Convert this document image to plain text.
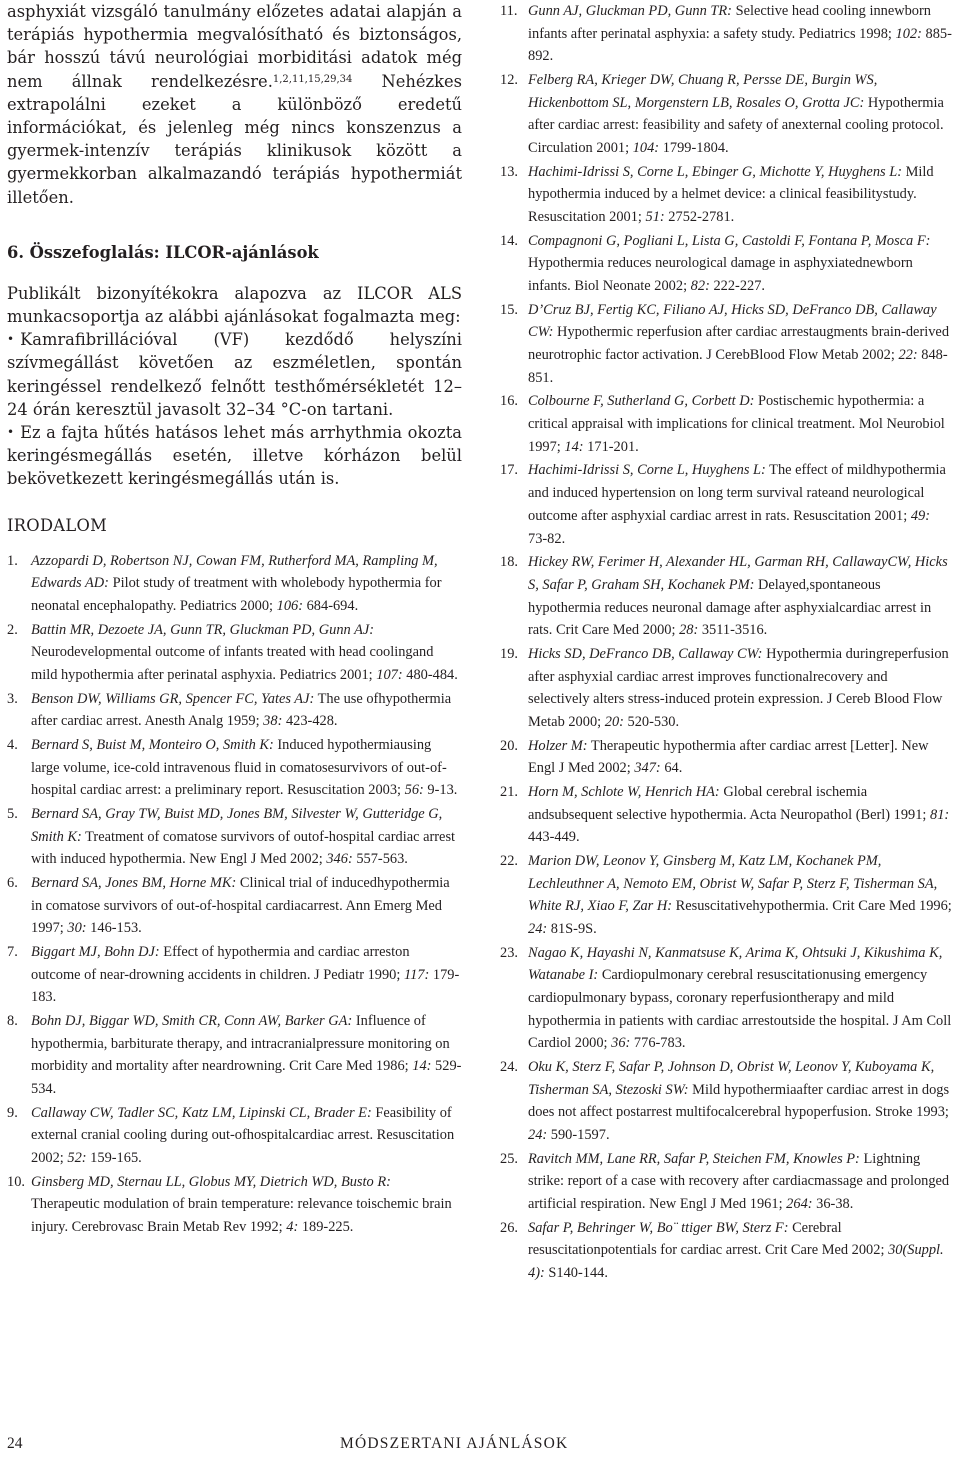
asphyxiát vizsgáló tanulmány előzetes adatai alapján a terápiás hypothermia megvalósítható és biztonságos, bár hosszú távú neurológiai morbiditási adatok még nem állnak rendelkezésre.$^{1,2,11,15,29,34}$ Nehézkes extrapolálni ezeket a különböző eredetű információkat, és jelenleg még nincs konszenzus a gyermek-intenzív terápiás klinikusok között a gyermekkorban alkalmazandó terápiás hypothermiát illetően.

6. Összefoglalás: ILCOR-ajánlások

Publikált bizonyítékokra alapozva az ILCOR ALS munkacsoportja az alábbi ajánlásokat fogalmazta meg:

• Kamrafibrillációval (VF) kezdődő helyszíni szívmegállást követően az eszméletlen, spontán keringéssel rendelkező felnőtt testhőmérsékletét 12–24 órán keresztül javasolt 32–34 °C-on tartani.

• Ez a fajta hűtés hatásos lehet más arrhythmia okozta keringésmegállás esetén, illetve kórházon belül bekövetkezett keringésmegállás után is.

IRODALOM
1. Azzopardi D, Robertson NJ, Cowan FM, Rutherford MA, Rampling M, Edwards AD: Pilot study of treatment with wholebody hypothermia for neonatal encephalopathy. Pediatrics 2000; 106: 684-694.
2. Battin MR, Dezoete JA, Gunn TR, Gluckman PD, Gunn AJ: Neurodevelopmental outcome of infants treated with head coolingand mild hypothermia after perinatal asphyxia. Pediatrics 2001; 107: 480-484.
3. Benson DW, Williams GR, Spencer FC, Yates AJ: The use ofhypothermia after cardiac arrest. Anesth Analg 1959; 38: 423-428.
4. Bernard S, Buist M, Monteiro O, Smith K: Induced hypothermiausing large volume, ice-cold intravenous fluid in comatosesurvivors of out-of-hospital cardiac arrest: a preliminary report. Resuscitation 2003; 56: 9-13.
5. Bernard SA, Gray TW, Buist MD, Jones BM, Silvester W, Gutteridge G, Smith K: Treatment of comatose survivors of outof-hospital cardiac arrest with induced hypothermia. New Engl J Med 2002; 346: 557-563.
6. Bernard SA, Jones BM, Horne MK: Clinical trial of inducedhypothermia in comatose survivors of out-of-hospital cardiacarrest. Ann Emerg Med 1997; 30: 146-153.
7. Biggart MJ, Bohn DJ: Effect of hypothermia and cardiac arreston outcome of near-drowning accidents in children. J Pediatr 1990; 117: 179-183.
8. Bohn DJ, Biggar WD, Smith CR, Conn AW, Barker GA: Influence of hypothermia, barbiturate therapy, and intracranialpressure monitoring on morbidity and mortality after neardrowning. Crit Care Med 1986; 14: 529-534.
9. Callaway CW, Tadler SC, Katz LM, Lipinski CL, Brader E: Feasibility of external cranial cooling during out-ofhospitalcardiac arrest. Resuscitation 2002; 52: 159-165.
10. Ginsberg MD, Sternau LL, Globus MY, Dietrich WD, Busto R: Therapeutic modulation of brain temperature: relevance toischemic brain injury. Cerebrovasc Brain Metab Rev 1992; 4: 189-225.
11. Gunn AJ, Gluckman PD, Gunn TR: Selective head cooling innewborn infants after perinatal asphyxia: a safety study. Pediatrics 1998; 102: 885-892.
12. Felberg RA, Krieger DW, Chuang R, Persse DE, Burgin WS, Hickenbottom SL, Morgenstern LB, Rosales O, Grotta JC: Hypothermia after cardiac arrest: feasibility and safety of anexternal cooling protocol. Circulation 2001; 104: 1799-1804.
13. Hachimi-Idrissi S, Corne L, Ebinger G, Michotte Y, Huyghens L: Mild hypothermia induced by a helmet device: a clinical feasibilitystudy. Resuscitation 2001; 51: 2752-2781.
14. Compagnoni G, Pogliani L, Lista G, Castoldi F, Fontana P, Mosca F: Hypothermia reduces neurological damage in asphyxiatednewborn infants. Biol Neonate 2002; 82: 222-227.
15. D’Cruz BJ, Fertig KC, Filiano AJ, Hicks SD, DeFranco DB, Callaway CW: Hypothermic reperfusion after cardiac arrestaugments brain-derived neurotrophic factor activation. J CerebBlood Flow Metab 2002; 22: 848-851.
16. Colbourne F, Sutherland G, Corbett D: Postischemic hypothermia: a critical appraisal with implications for clinical treatment. Mol Neurobiol 1997; 14: 171-201.
17. Hachimi-Idrissi S, Corne L, Huyghens L: The effect of mildhypothermia and induced hypertension on long term survival rateand neurological outcome after asphyxial cardiac arrest in rats. Resuscitation 2001; 49: 73-82.
18. Hickey RW, Ferimer H, Alexander HL, Garman RH, CallawayCW, Hicks S, Safar P, Graham SH, Kochanek PM: Delayed,spontaneous hypothermia reduces neuronal damage after asphyxialcardiac arrest in rats. Crit Care Med 2000; 28: 3511-3516.
19. Hicks SD, DeFranco DB, Callaway CW: Hypothermia duringreperfusion after asphyxial cardiac arrest improves functionalrecovery and selectively alters stress-induced protein expression. J Cereb Blood Flow Metab 2000; 20: 520-530.
20. Holzer M: Therapeutic hypothermia after cardiac arrest [Letter]. New Engl J Med 2002; 347: 64.
21. Horn M, Schlote W, Henrich HA: Global cerebral ischemia andsubsequent selective hypothermia. Acta Neuropathol (Berl) 1991; 81: 443-449.
22. Marion DW, Leonov Y, Ginsberg M, Katz LM, Kochanek PM, Lechleuthner A, Nemoto EM, Obrist W, Safar P, Sterz F, Tisherman SA, White RJ, Xiao F, Zar H: Resuscitativehypothermia. Crit Care Med 1996; 24: 81S-9S.
23. Nagao K, Hayashi N, Kanmatsuse K, Arima K, Ohtsuki J, Kikushima K, Watanabe I: Cardiopulmonary cerebral resuscitationusing emergency cardiopulmonary bypass, coronary reperfusiontherapy and mild hypothermia in patients with cardiac arrestoutside the hospital. J Am Coll Cardiol 2000; 36: 776-783.
24. Oku K, Sterz F, Safar P, Johnson D, Obrist W, Leonov Y, Kuboyama K, Tisherman SA, Stezoski SW: Mild hypothermiaafter cardiac arrest in dogs does not affect postarrest multifocalcerebral hypoperfusion. Stroke 1993; 24: 590-1597.
25. Ravitch MM, Lane RR, Safar P, Steichen FM, Knowles P: Lightning strike: report of a case with recovery after cardiacmassage and prolonged artificial respiration. New Engl J Med 1961; 264: 36-38.
26. Safar P, Behringer W, Bo¨ ttiger BW, Sterz F: Cerebral resuscitationpotentials for cardiac arrest. Crit Care Med 2002; 30(Suppl. 4): S140-144.
24	MÓDSZERTANI AJÁNLÁSOK
